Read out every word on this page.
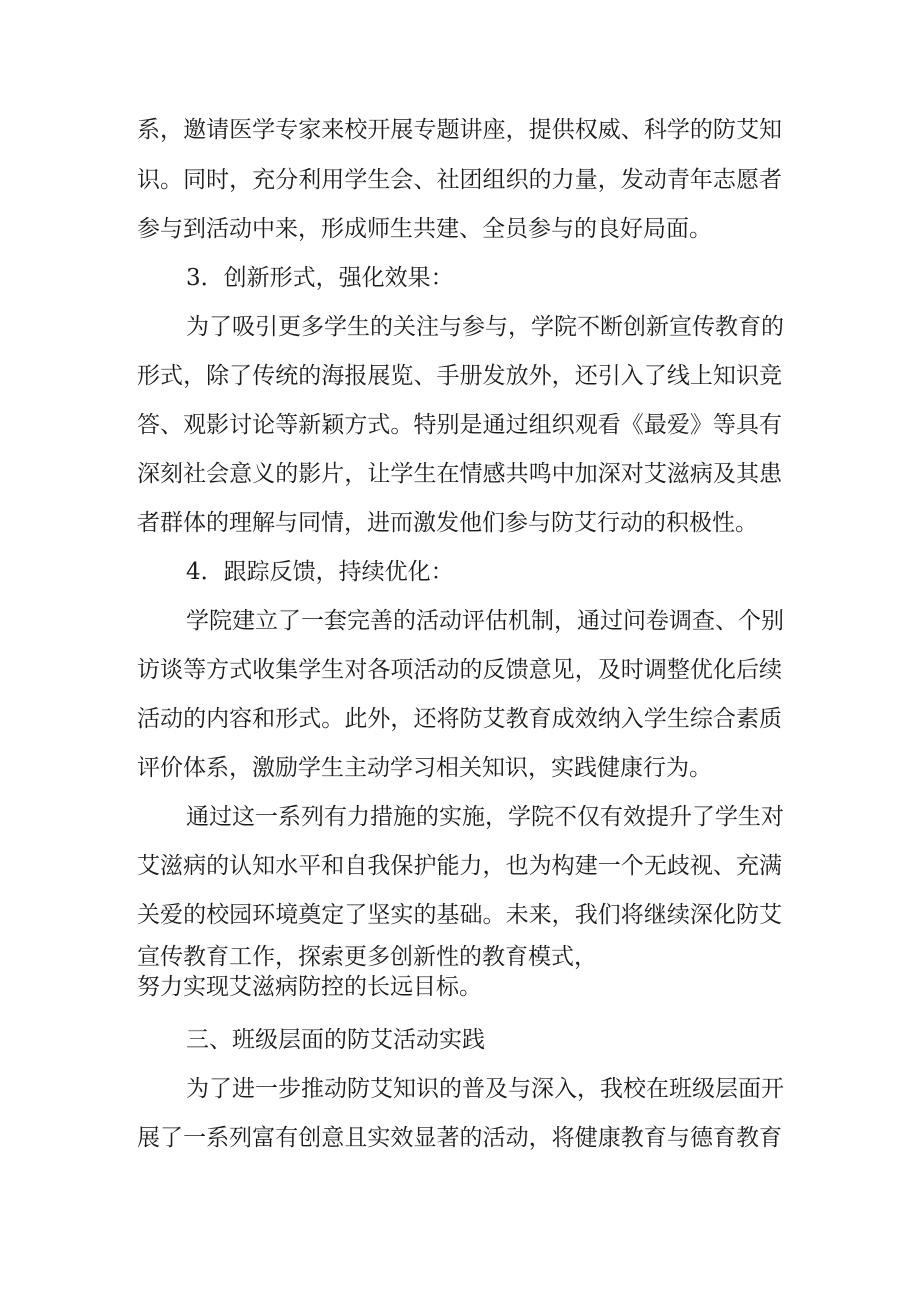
系，邀请医学专家来校开展专题讲座，提供权威、科学的防艾知
识。同时，充分利用学生会、社团组织的力量，发动青年志愿者
参与到活动中来，形成师生共建、全员参与的良好局面。
3．创新形式，强化效果：
为了吸引更多学生的关注与参与，学院不断创新宣传教育的
形式，除了传统的海报展览、手册发放外，还引入了线上知识竞
答、观影讨论等新颖方式。特别是通过组织观看《最爱》等具有
深刻社会意义的影片，让学生在情感共鸣中加深对艾滋病及其患
者群体的理解与同情，进而激发他们参与防艾行动的积极性。
4．跟踪反馈，持续优化：
学院建立了一套完善的活动评估机制，通过问卷调查、个别
访谈等方式收集学生对各项活动的反馈意见，及时调整优化后续
活动的内容和形式。此外，还将防艾教育成效纳入学生综合素质
评价体系，激励学生主动学习相关知识，实践健康行为。
通过这一系列有力措施的实施，学院不仅有效提升了学生对
艾滋病的认知水平和自我保护能力，也为构建一个无歧视、充满
关爱的校园环境奠定了坚实的基础。未来，我们将继续深化防艾
宣传教育工作，探索更多创新性的教育模式，
努力实现艾滋病防控的长远目标。
三、班级层面的防艾活动实践
为了进一步推动防艾知识的普及与深入，我校在班级层面开
展了一系列富有创意且实效显著的活动，将健康教育与德育教育
